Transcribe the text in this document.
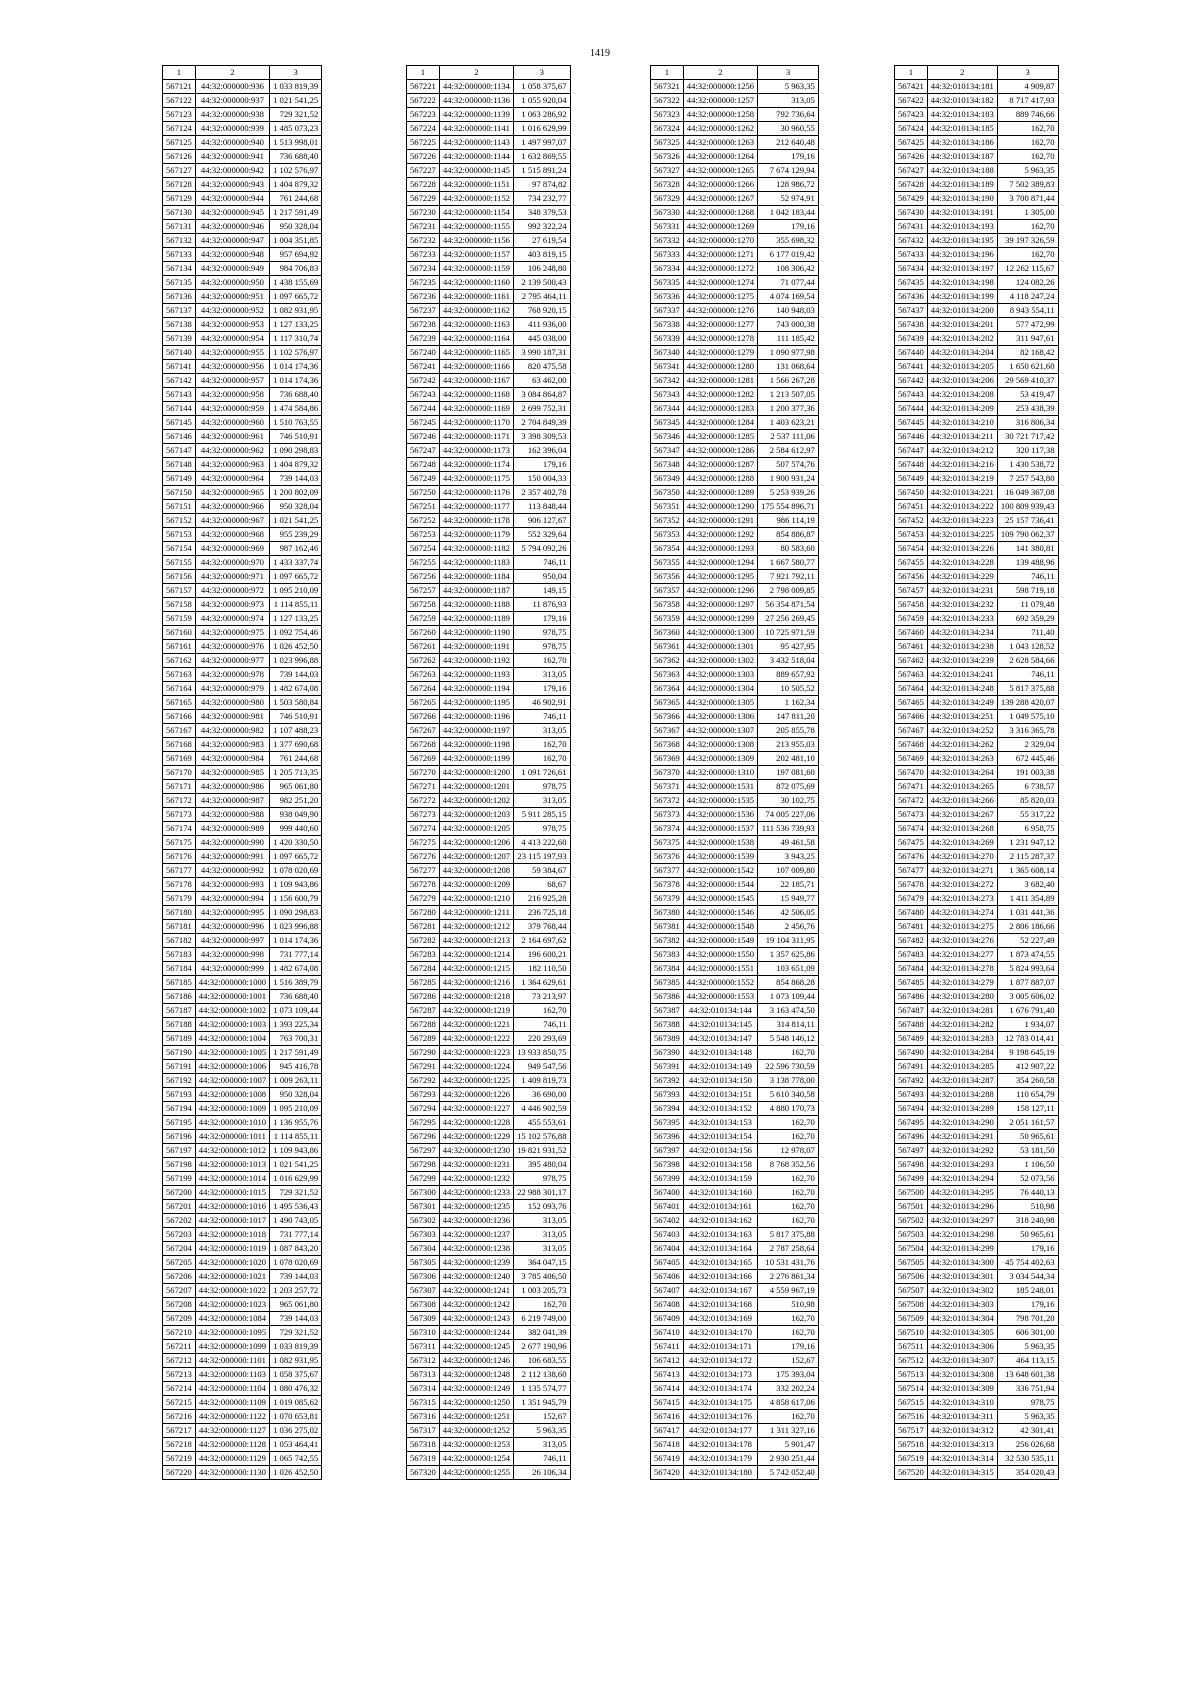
1419
1	2	3
567121	44:32:000000:936	1 033 819,39
567122	44:32:000000:937	1 021 541,25
567123	44:32:000000:938	729 321,52
567124	44:32:000000:939	1 485 073,23
567125	44:32:000000:940	1 513 998,01
567126	44:32:000000:941	736 688,40
567127	44:32:000000:942	1 102 576,97
567128	44:32:000000:943	1 404 879,32
567129	44:32:000000:944	761 244,68
567130	44:32:000000:945	1 217 591,49
567131	44:32:000000:946	950 328,04
567132	44:32:000000:947	1 004 351,85
567133	44:32:000000:948	957 694,92
567134	44:32:000000:949	984 706,83
567135	44:32:000000:950	1 438 155,69
567136	44:32:000000:951	1 097 665,72
567137	44:32:000000:952	1 082 931,95
567138	44:32:000000:953	1 127 133,25
567139	44:32:000000:954	1 117 310,74
567140	44:32:000000:955	1 102 576,97
567141	44:32:000000:956	1 014 174,36
567142	44:32:000000:957	1 014 174,36
567143	44:32:000000:958	736 688,40
567144	44:32:000000:959	1 474 584,86
567145	44:32:000000:960	1 510 763,55
567146	44:32:000000:961	746 510,91
567147	44:32:000000:962	1 090 298,83
567148	44:32:000000:963	1 404 879,32
567149	44:32:000000:964	739 144,03
567150	44:32:000000:965	1 200 802,09
567151	44:32:000000:966	950 328,04
567152	44:32:000000:967	1 021 541,25
567153	44:32:000000:968	955 239,29
567154	44:32:000000:969	987 162,46
567155	44:32:000000:970	1 433 337,74
567156	44:32:000000:971	1 097 665,72
567157	44:32:000000:972	1 095 210,09
567158	44:32:000000:973	1 114 855,11
567159	44:32:000000:974	1 127 133,25
567160	44:32:000000:975	1 092 754,46
567161	44:32:000000:976	1 026 452,50
567162	44:32:000000:977	1 023 996,88
567163	44:32:000000:978	739 144,03
567164	44:32:000000:979	1 482 674,08
567165	44:32:000000:980	1 503 580,84
567166	44:32:000000:981	746 510,91
567167	44:32:000000:982	1 107 488,23
567168	44:32:000000:983	1 377 690,68
567169	44:32:000000:984	761 244,68
567170	44:32:000000:985	1 205 713,35
567171	44:32:000000:986	965 061,80
567172	44:32:000000:987	982 251,20
567173	44:32:000000:988	938 049,90
567174	44:32:000000:989	999 440,60
567175	44:32:000000:990	1 420 330,50
567176	44:32:000000:991	1 097 665,72
567177	44:32:000000:992	1 078 020,69
567178	44:32:000000:993	1 109 943,86
567179	44:32:000000:994	1 156 600,79
567180	44:32:000000:995	1 090 298,83
567181	44:32:000000:996	1 023 996,88
567182	44:32:000000:997	1 014 174,36
567183	44:32:000000:998	731 777,14
567184	44:32:000000:999	1 482 674,08
567185	44:32:000000:1000	1 516 389,79
567186	44:32:000000:1001	736 688,40
567187	44:32:000000:1002	1 073 109,44
567188	44:32:000000:1003	1 393 225,34
567189	44:32:000000:1004	763 700,31
567190	44:32:000000:1005	1 217 591,49
567191	44:32:000000:1006	945 416,78
567192	44:32:000000:1007	1 009 263,11
567193	44:32:000000:1008	950 328,04
567194	44:32:000000:1009	1 095 210,09
567195	44:32:000000:1010	1 136 955,76
567196	44:32:000000:1011	1 114 855,11
567197	44:32:000000:1012	1 109 943,86
567198	44:32:000000:1013	1 021 541,25
567199	44:32:000000:1014	1 016 629,99
567200	44:32:000000:1015	729 321,52
567201	44:32:000000:1016	1 495 536,43
567202	44:32:000000:1017	1 490 743,05
567203	44:32:000000:1018	731 777,14
567204	44:32:000000:1019	1 087 843,20
567205	44:32:000000:1020	1 078 020,69
567206	44:32:000000:1021	739 144,03
567207	44:32:000000:1022	1 203 257,72
567208	44:32:000000:1023	965 061,80
567209	44:32:000000:1084	739 144,03
567210	44:32:000000:1095	729 321,52
567211	44:32:000000:1099	1 033 819,39
567212	44:32:000000:1101	1 082 931,95
567213	44:32:000000:1103	1 058 375,67
567214	44:32:000000:1104	1 080 476,32
567215	44:32:000000:1109	1 019 085,62
567216	44:32:000000:1122	1 070 653,81
567217	44:32:000000:1127	1 036 275,02
567218	44:32:000000:1128	1 053 464,41
567219	44:32:000000:1129	1 065 742,55
567220	44:32:000000:1130	1 026 452,50
1	2	3
567221	44:32:000000:1134	1 058 375,67
567222	44:32:000000:1136	1 055 920,04
567223	44:32:000000:1139	1 063 286,92
567224	44:32:000000:1141	1 016 629,99
567225	44:32:000000:1143	1 497 997,07
567226	44:32:000000:1144	1 632 869,55
567227	44:32:000000:1145	1 515 891,24
567228	44:32:000000:1151	97 874,82
567229	44:32:000000:1152	734 232,77
567230	44:32:000000:1154	348 379,53
567231	44:32:000000:1155	992 322,24
567232	44:32:000000:1156	27 619,54
567233	44:32:000000:1157	403 819,15
567234	44:32:000000:1159	106 248,80
567235	44:32:000000:1160	2 139 500,43
567236	44:32:000000:1161	2 795 464,11
567237	44:32:000000:1162	768 920,15
567238	44:32:000000:1163	411 936,00
567239	44:32:000000:1164	445 038,00
567240	44:32:000000:1165	3 990 187,31
567241	44:32:000000:1166	820 475,58
567242	44:32:000000:1167	63 462,00
567243	44:32:000000:1168	3 084 864,87
567244	44:32:000000:1169	2 699 752,31
567245	44:32:000000:1170	2 704 849,39
567246	44:32:000000:1171	3 398 309,53
567247	44:32:000000:1173	162 396,04
567248	44:32:000000:1174	179,16
567249	44:32:000000:1175	150 004,33
567250	44:32:000000:1176	2 357 402,78
567251	44:32:000000:1177	113 848,44
567252	44:32:000000:1178	906 127,67
567253	44:32:000000:1179	552 329,64
567254	44:32:000000:1182	5 794 092,26
567255	44:32:000000:1183	746,11
567256	44:32:000000:1184	950,04
567257	44:32:000000:1187	149,15
567258	44:32:000000:1188	11 876,93
567259	44:32:000000:1189	179,16
567260	44:32:000000:1190	978,75
567261	44:32:000000:1191	978,75
567262	44:32:000000:1192	162,70
567263	44:32:000000:1193	313,05
567264	44:32:000000:1194	179,16
567265	44:32:000000:1195	46 902,91
567266	44:32:000000:1196	746,11
567267	44:32:000000:1197	313,05
567268	44:32:000000:1198	162,70
567269	44:32:000000:1199	162,70
567270	44:32:000000:1200	1 091 726,61
567271	44:32:000000:1201	978,75
567272	44:32:000000:1202	313,05
567273	44:32:000000:1203	5 911 285,15
567274	44:32:000000:1205	978,75
567275	44:32:000000:1206	4 413 222,60
567276	44:32:000000:1207	23 115 197,93
567277	44:32:000000:1208	59 384,67
567278	44:32:000000:1209	68,67
567279	44:32:000000:1210	216 925,28
567280	44:32:000000:1211	236 725,18
567281	44:32:000000:1212	379 768,44
567282	44:32:000000:1213	2 164 697,62
567283	44:32:000000:1214	196 600,21
567284	44:32:000000:1215	182 110,50
567285	44:32:000000:1216	1 364 629,61
567286	44:32:000000:1218	73 213,97
567287	44:32:000000:1219	162,70
567288	44:32:000000:1221	746,11
567289	44:32:000000:1222	220 293,69
567290	44:32:000000:1223	13 933 850,75
567291	44:32:000000:1224	949 547,56
567292	44:32:000000:1225	1 409 819,73
567293	44:32:000000:1226	36 690,00
567294	44:32:000000:1227	4 446 902,59
567295	44:32:000000:1228	455 553,61
567296	44:32:000000:1229	15 102 576,88
567297	44:32:000000:1230	19 821 931,52
567298	44:32:000000:1231	395 480,04
567299	44:32:000000:1232	978,75
567300	44:32:000000:1233	22 988 301,17
567301	44:32:000000:1235	152 093,76
567302	44:32:000000:1236	313,05
567303	44:32:000000:1237	313,05
567304	44:32:000000:1238	313,05
567305	44:32:000000:1239	364 047,15
567306	44:32:000000:1240	3 785 406,50
567307	44:32:000000:1241	1 003 205,73
567308	44:32:000000:1242	162,70
567309	44:32:000000:1243	6 219 749,00
567310	44:32:000000:1244	382 041,39
567311	44:32:000000:1245	2 677 190,96
567312	44:32:000000:1246	106 683,55
567313	44:32:000000:1248	2 112 138,60
567314	44:32:000000:1249	1 135 574,77
567315	44:32:000000:1250	1 351 945,79
567316	44:32:000000:1251	152,67
567317	44:32:000000:1252	5 963,35
567318	44:32:000000:1253	313,05
567319	44:32:000000:1254	746,11
567320	44:32:000000:1255	26 106,34
1	2	3
567321	44:32:000000:1256	5 963,35
567322	44:32:000000:1257	313,05
567323	44:32:000000:1258	792 736,64
567324	44:32:000000:1262	30 960,55
567325	44:32:000000:1263	212 640,48
567326	44:32:000000:1264	179,16
567327	44:32:000000:1265	7 674 129,94
567328	44:32:000000:1266	128 986,72
567329	44:32:000000:1267	52 974,91
567330	44:32:000000:1268	1 042 183,44
567331	44:32:000000:1269	179,16
567332	44:32:000000:1270	355 698,32
567333	44:32:000000:1271	6 177 019,42
567334	44:32:000000:1272	108 306,42
567335	44:32:000000:1274	71 077,44
567336	44:32:000000:1275	4 074 169,54
567337	44:32:000000:1276	140 948,03
567338	44:32:000000:1277	743 000,38
567339	44:32:000000:1278	111 185,42
567340	44:32:000000:1279	1 090 977,98
567341	44:32:000000:1280	131 068,64
567342	44:32:000000:1281	1 566 267,28
567343	44:32:000000:1282	1 213 507,05
567344	44:32:000000:1283	1 200 377,36
567345	44:32:000000:1284	1 403 623,21
567346	44:32:000000:1285	2 537 111,06
567347	44:32:000000:1286	2 584 612,97
567348	44:32:000000:1287	507 574,76
567349	44:32:000000:1288	1 900 931,24
567350	44:32:000000:1289	5 253 939,26
567351	44:32:000000:1290	175 554 896,71
567352	44:32:000000:1291	986 114,19
567353	44:32:000000:1292	854 886,87
567354	44:32:000000:1293	80 583,60
567355	44:32:000000:1294	1 667 580,77
567356	44:32:000000:1295	7 921 792,11
567357	44:32:000000:1296	2 798 009,85
567358	44:32:000000:1297	56 354 871,54
567359	44:32:000000:1299	27 256 269,45
567360	44:32:000000:1300	10 725 971,59
567361	44:32:000000:1301	95 427,95
567362	44:32:000000:1302	3 432 518,04
567363	44:32:000000:1303	889 657,92
567364	44:32:000000:1304	10 505,52
567365	44:32:000000:1305	1 162,34
567366	44:32:000000:1306	147 811,20
567367	44:32:000000:1307	205 855,78
567368	44:32:000000:1308	213 955,03
567369	44:32:000000:1309	202 481,10
567370	44:32:000000:1310	197 081,60
567371	44:32:000000:1531	872 075,69
567372	44:32:000000:1535	30 102,75
567373	44:32:000000:1536	74 005 227,06
567374	44:32:000000:1537	111 536 739,93
567375	44:32:000000:1538	49 461,58
567376	44:32:000000:1539	3 943,25
567377	44:32:000000:1542	107 009,80
567378	44:32:000000:1544	22 185,71
567379	44:32:000000:1545	15 949,77
567380	44:32:000000:1546	42 506,05
567381	44:32:000000:1548	2 456,76
567382	44:32:000000:1549	19 104 311,95
567383	44:32:000000:1550	1 357 625,86
567384	44:32:000000:1551	103 651,09
567385	44:32:000000:1552	854 868,28
567386	44:32:000000:1553	1 073 109,44
567387	44:32:010134:144	3 163 474,50
567388	44:32:010134:145	314 814,11
567389	44:32:010134:147	5 548 146,12
567390	44:32:010134:148	162,70
567391	44:32:010134:149	22 596 730,59
567392	44:32:010134:150	3 138 778,00
567393	44:32:010134:151	5 610 340,58
567394	44:32:010134:152	4 880 170,73
567395	44:32:010134:153	162,70
567396	44:32:010134:154	162,70
567397	44:32:010134:156	12 978,07
567398	44:32:010134:158	8 768 352,56
567399	44:32:010134:159	162,70
567400	44:32:010134:160	162,70
567401	44:32:010134:161	162,70
567402	44:32:010134:162	162,70
567403	44:32:010134:163	5 817 375,88
567404	44:32:010134:164	2 787 258,64
567405	44:32:010134:165	10 531 431,76
567406	44:32:010134:166	2 276 861,34
567407	44:32:010134:167	4 559 967,19
567408	44:32:010134:168	510,98
567409	44:32:010134:169	162,70
567410	44:32:010134:170	162,70
567411	44:32:010134:171	179,16
567412	44:32:010134:172	152,67
567413	44:32:010134:173	175 393,04
567414	44:32:010134:174	332 202,24
567415	44:32:010134:175	4 858 617,06
567416	44:32:010134:176	162,70
567417	44:32:010134:177	1 311 327,16
567418	44:32:010134:178	5 901,47
567419	44:32:010134:179	2 930 251,44
567420	44:32:010134:180	5 742 052,40
1	2	3
567421	44:32:010134:181	4 909,87
567422	44:32:010134:182	8 717 417,93
567423	44:32:010134:183	889 746,66
567424	44:32:010134:185	162,70
567425	44:32:010134:186	162,70
567426	44:32:010134:187	162,70
567427	44:32:010134:188	5 963,35
567428	44:32:010134:189	7 502 389,83
567429	44:32:010134:190	3 700 871,44
567430	44:32:010134:191	1 305,00
567431	44:32:010134:193	162,70
567432	44:32:010134:195	39 197 326,59
567433	44:32:010134:196	162,70
567434	44:32:010134:197	12 262 115,67
567435	44:32:010134:198	124 082,26
567436	44:32:010134:199	4 118 247,24
567437	44:32:010134:200	8 943 554,11
567438	44:32:010134:201	577 472,99
567439	44:32:010134:202	311 947,61
567440	44:32:010134:204	82 168,42
567441	44:32:010134:205	1 650 621,60
567442	44:32:010134:206	29 569 410,37
567443	44:32:010134:208	53 419,47
567444	44:32:010134:209	253 438,39
567445	44:32:010134:210	316 806,34
567446	44:32:010134:211	30 721 717,42
567447	44:32:010134:212	320 117,38
567448	44:32:010134:216	1 430 538,72
567449	44:32:010134:219	7 257 543,80
567450	44:32:010134:221	16 049 367,08
567451	44:32:010134:222	100 809 939,43
567452	44:32:010134:223	25 157 736,41
567453	44:32:010134:225	109 790 062,37
567454	44:32:010134:226	141 380,81
567455	44:32:010134:228	139 488,96
567456	44:32:010134:229	746,11
567457	44:32:010134:231	598 719,18
567458	44:32:010134:232	11 079,48
567459	44:32:010134:233	692 359,29
567460	44:32:010134:234	711,40
567461	44:32:010134:238	1 043 128,52
567462	44:32:010134:239	2 628 584,66
567463	44:32:010134:241	746,11
567464	44:32:010134:248	5 817 375,88
567465	44:32:010134:249	139 288 420,07
567466	44:32:010134:251	1 049 575,10
567467	44:32:010134:252	3 316 365,78
567468	44:32:010134:262	2 329,04
567469	44:32:010134:263	672 445,46
567470	44:32:010134:264	191 003,38
567471	44:32:010134:265	6 738,57
567472	44:32:010134:266	85 820,03
567473	44:32:010134:267	55 317,22
567474	44:32:010134:268	6 958,75
567475	44:32:010134:269	1 231 947,12
567476	44:32:010134:270	2 115 287,37
567477	44:32:010134:271	1 365 608,14
567478	44:32:010134:272	3 682,40
567479	44:32:010134:273	1 411 354,89
567480	44:32:010134:274	1 031 441,36
567481	44:32:010134:275	2 806 186,66
567482	44:32:010134:276	52 227,49
567483	44:32:010134:277	1 873 474,55
567484	44:32:010134:278	5 824 993,64
567485	44:32:010134:279	1 877 887,07
567486	44:32:010134:280	3 005 606,02
567487	44:32:010134:281	1 676 791,40
567488	44:32:010134:282	1 934,07
567489	44:32:010134:283	12 783 014,41
567490	44:32:010134:284	9 198 645,19
567491	44:32:010134:285	412 907,22
567492	44:32:010134:287	354 260,58
567493	44:32:010134:288	110 654,79
567494	44:32:010134:289	158 127,11
567495	44:32:010134:290	2 051 161,57
567496	44:32:010134:291	50 965,61
567497	44:32:010134:292	53 181,50
567498	44:32:010134:293	1 106,50
567499	44:32:010134:294	52 073,56
567500	44:32:010134:295	76 440,13
567501	44:32:010134:296	510,98
567502	44:32:010134:297	318 240,98
567503	44:32:010134:298	50 965,61
567504	44:32:010134:299	179,16
567505	44:32:010134:300	45 754 402,63
567506	44:32:010134:301	3 034 544,34
567507	44:32:010134:302	185 248,01
567508	44:32:010134:303	179,16
567509	44:32:010134:304	798 701,20
567510	44:32:010134:305	606 301,00
567511	44:32:010134:306	5 963,35
567512	44:32:010134:307	464 113,15
567513	44:32:010134:308	13 648 601,38
567514	44:32:010134:309	336 751,94
567515	44:32:010134:310	978,75
567516	44:32:010134:311	5 963,35
567517	44:32:010134:312	42 301,41
567518	44:32:010134:313	256 026,68
567519	44:32:010134:314	32 530 535,11
567520	44:32:010134:315	354 020,43
